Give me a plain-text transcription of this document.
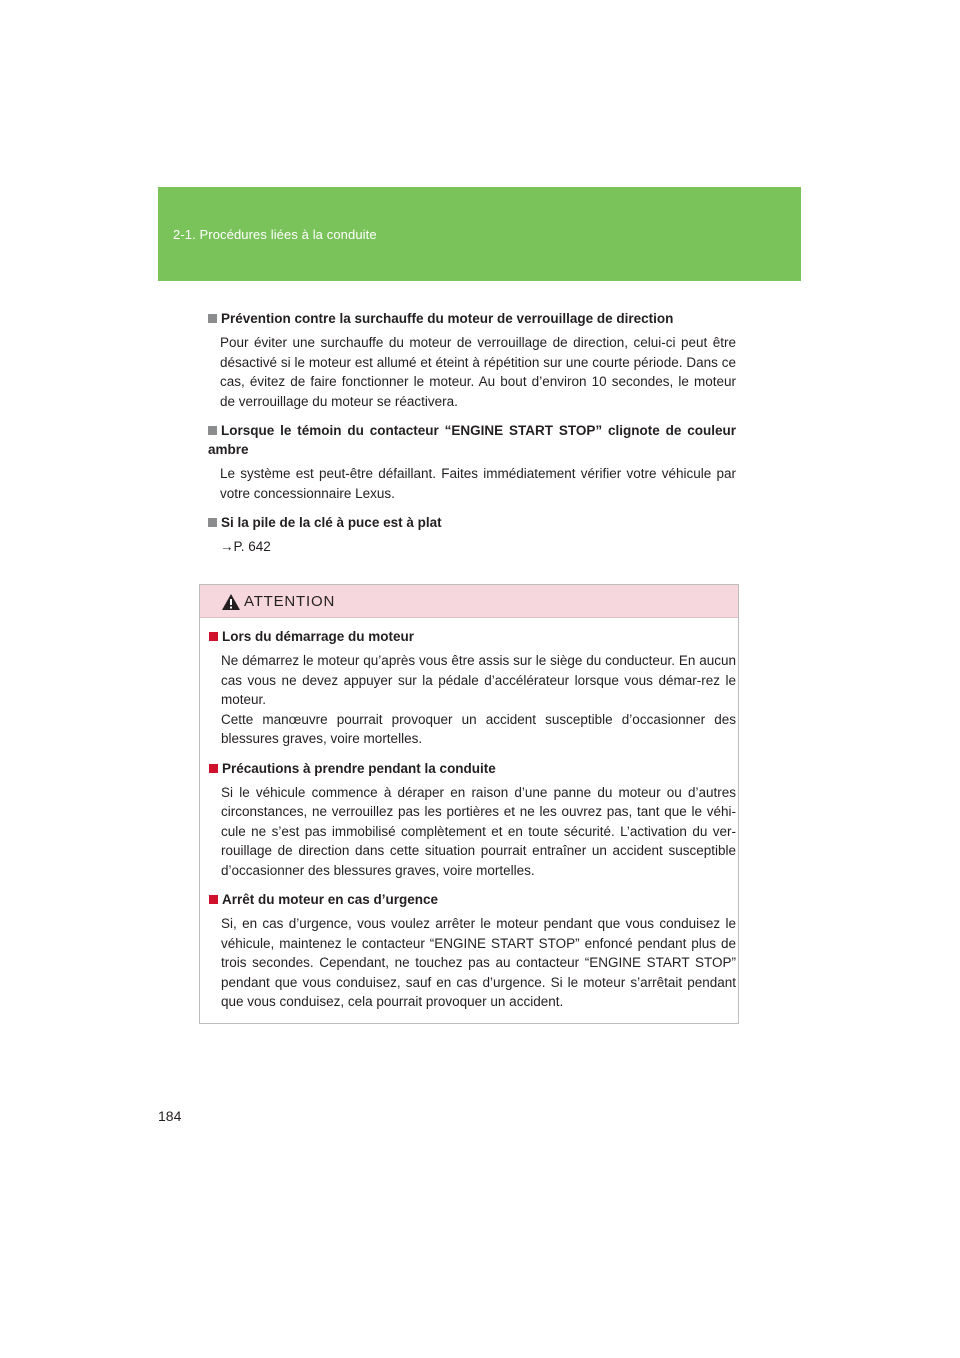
2-1. Procédures liées à la conduite
Prévention contre la surchauffe du moteur de verrouillage de direction
Pour éviter une surchauffe du moteur de verrouillage de direction, celui-ci peut être désactivé si le moteur est allumé et éteint à répétition sur une courte période. Dans ce cas, évitez de faire fonctionner le moteur. Au bout d’environ 10 secondes, le moteur de verrouillage du moteur se réactivera.
Lorsque le témoin du contacteur “ENGINE START STOP” clignote de couleur ambre
Le système est peut-être défaillant. Faites immédiatement vérifier votre véhicule par votre concessionnaire Lexus.
Si la pile de la clé à puce est à plat
→P. 642
ATTENTION
Lors du démarrage du moteur
Ne démarrez le moteur qu’après vous être assis sur le siège du conducteur. En aucun cas vous ne devez appuyer sur la pédale d’accélérateur lorsque vous démar-rez le moteur.
Cette manœuvre pourrait provoquer un accident susceptible d’occasionner des blessures graves, voire mortelles.
Précautions à prendre pendant la conduite
Si le véhicule commence à déraper en raison d’une panne du moteur ou d’autres circonstances, ne verrouillez pas les portières et ne les ouvrez pas, tant que le véhi-cule ne s’est pas immobilisé complètement et en toute sécurité. L’activation du ver-rouillage de direction dans cette situation pourrait entraîner un accident susceptible d’occasionner des blessures graves, voire mortelles.
Arrêt du moteur en cas d’urgence
Si, en cas d’urgence, vous voulez arrêter le moteur pendant que vous conduisez le véhicule, maintenez le contacteur “ENGINE START STOP” enfoncé pendant plus de trois secondes. Cependant, ne touchez pas au contacteur “ENGINE START STOP” pendant que vous conduisez, sauf en cas d’urgence. Si le moteur s’arrêtait pendant que vous conduisez, cela pourrait provoquer un accident.
184
